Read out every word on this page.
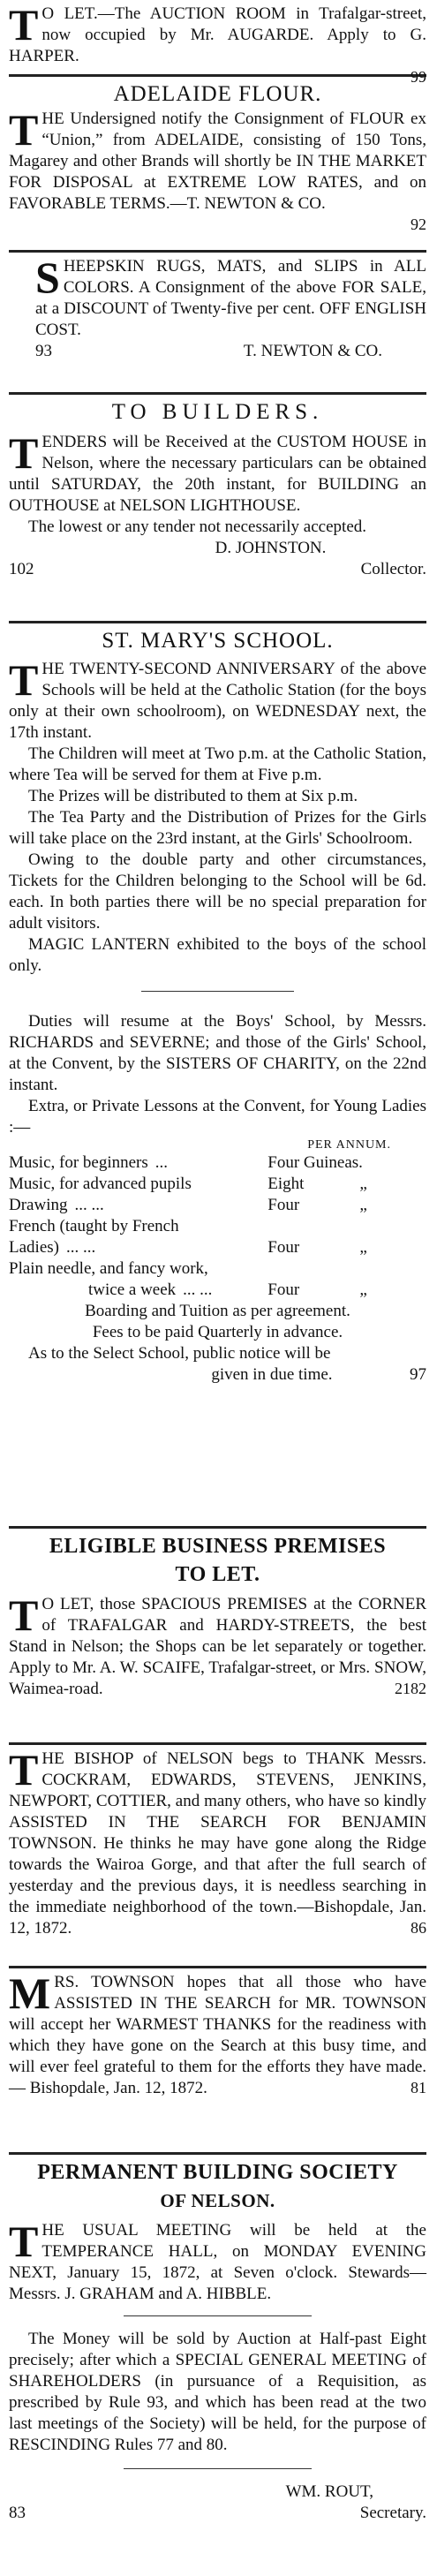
T O LET.—The AUCTION ROOM in Trafalgar-street, now occupied by Mr. AUGARDE. Apply to G. HARPER.

99
ADELAIDE FLOUR.

THE Undersigned notify the Consignment of FLOUR ex “Union,” from ADELAIDE, consisting of 150 Tons, Magarey and other Brands will shortly be IN THE MARKET FOR DISPOSAL at EXTREME LOW RATES, and on FAVORABLE TERMS.—T. NEWTON & CO.

92

SHEEPSKIN RUGS, MATS, and SLIPS in ALL COLORS. A Consignment of the above FOR SALE, at a DISCOUNT of Twenty-five per cent. OFF ENGLISH COST.

93	T. NEWTON & CO.
TO BUILDERS.

TENDERS will be Received at the CUSTOM HOUSE in Nelson, where the necessary particulars can be obtained until SATURDAY, the 20th instant, for BUILDING an OUTHOUSE at NELSON LIGHTHOUSE.

The lowest or any tender not necessarily accepted.

D. JOHNSTON.
102	Collector.
ST. MARY'S SCHOOL.

THE TWENTY-SECOND ANNIVERSARY of the above Schools will be held at the Catholic Station (for the boys only at their own schoolroom), on WEDNESDAY next, the 17th instant.

The Children will meet at Two p.m. at the Catholic Station, where Tea will be served for them at Five p.m.

The Prizes will be distributed to them at Six p.m.

The Tea Party and the Distribution of Prizes for the Girls will take place on the 23rd instant, at the Girls' Schoolroom.

Owing to the double party and other circumstances, Tickets for the Children belonging to the School will be 6d. each. In both parties there will be no special preparation for adult visitors.

MAGIC LANTERN exhibited to the boys of the school only.

Duties will resume at the Boys' School, by Messrs. RICHARDS and SEVERNE; and those of the Girls' School, at the Convent, by the SISTERS OF CHARITY, on the 22nd instant.

Extra, or Private Lessons at the Convent, for Young Ladies :—

PER ANNUM.
Music, for beginners ...	Four Guineas.	
Music, for advanced pupils	Eight	„
Drawing ... ...	Four	„
French (taught by French		
Ladies) ... ...	Four	„
Plain needle, and fancy work,		
twice a week ... ...	Four	„

Boarding and Tuition as per agreement.

Fees to be paid Quarterly in advance.

As to the Select School, public notice will be

given in due time.	97
ELIGIBLE BUSINESS PREMISES
TO LET.

T O LET, those SPACIOUS PREMISES at the CORNER of TRAFALGAR and HARDY-STREETS, the best Stand in Nelson; the Shops can be let separately or together. Apply to Mr. A. W. SCAIFE, Trafalgar-street, or Mrs. SNOW, Waimea-road.	2182

THE BISHOP of NELSON begs to THANK Messrs. COCKRAM, EDWARDS, STEVENS, JENKINS, NEWPORT, COTTIER, and many others, who have so kindly ASSISTED IN THE SEARCH FOR BENJAMIN TOWNSON. He thinks he may have gone along the Ridge towards the Wairoa Gorge, and that after the full search of yesterday and the previous days, it is needless searching in the immediate neighborhood of the town.—Bishopdale, Jan. 12, 1872.	86

MRS. TOWNSON hopes that all those who have ASSISTED IN THE SEARCH for MR. TOWNSON will accept her WARMEST THANKS for the readiness with which they have gone on the Search at this busy time, and will ever feel grateful to them for the efforts they have made.— Bishopdale, Jan. 12, 1872.	81
PERMANENT BUILDING SOCIETY
OF NELSON.

THE USUAL MEETING will be held at the TEMPERANCE HALL, on MONDAY EVENING NEXT, January 15, 1872, at Seven o'clock. Stewards—Messrs. J. GRAHAM and A. HIBBLE.

The Money will be sold by Auction at Half-past Eight precisely; after which a SPECIAL GENERAL MEETING of SHAREHOLDERS (in pursuance of a Requisition, as prescribed by Rule 93, and which has been read at the two last meetings of the Society) will be held, for the purpose of RESCINDING Rules 77 and 80.

WM. ROUT,
83	Secretary.
